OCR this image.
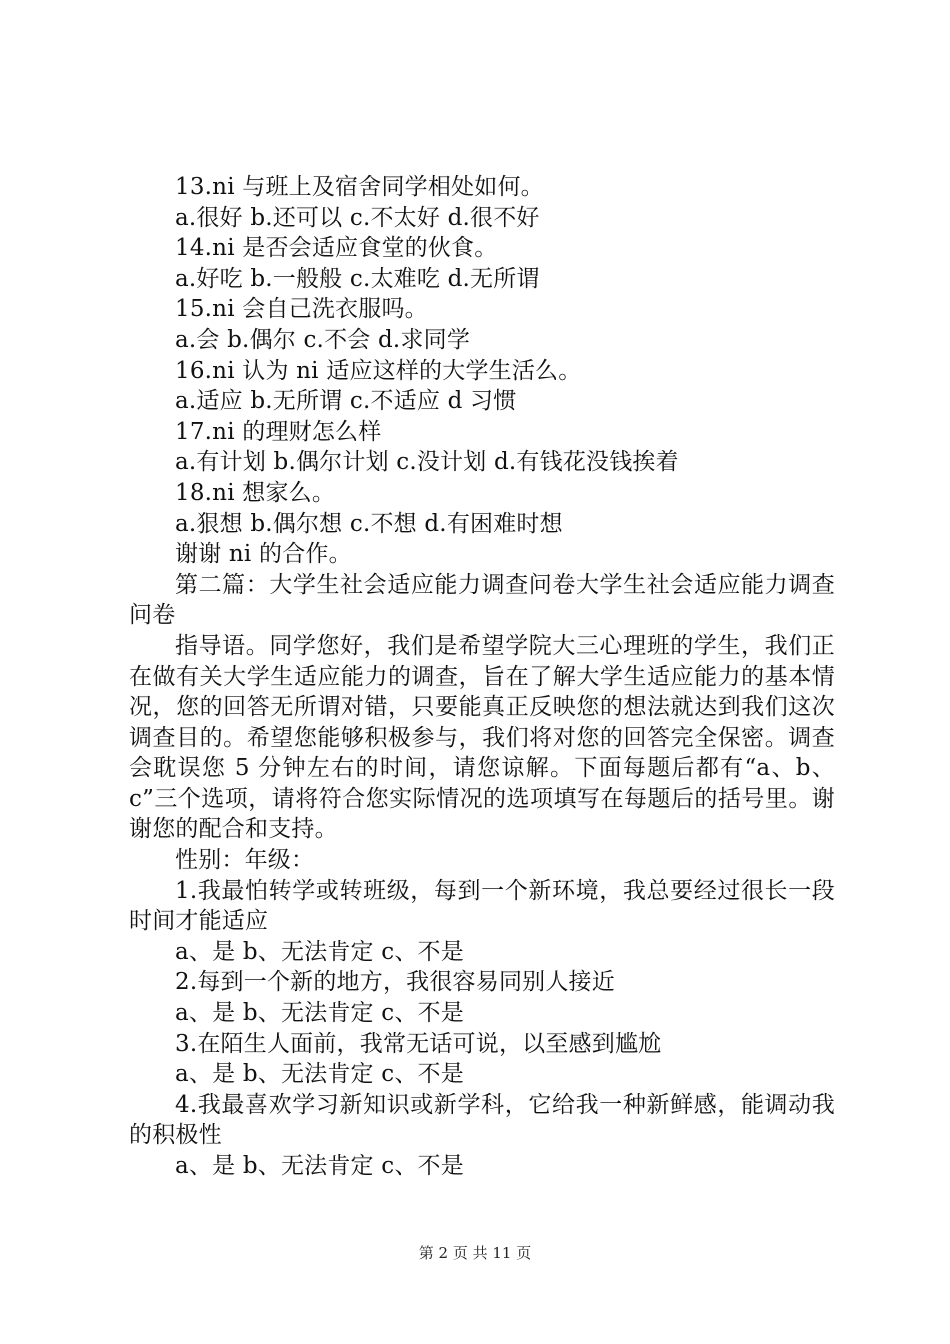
13.ni 与班上及宿舍同学相处如何。
a.很好 b.还可以 c.不太好 d.很不好
14.ni 是否会适应食堂的伙食。
a.好吃 b.一般般 c.太难吃 d.无所谓
15.ni 会自己洗衣服吗。
a.会 b.偶尔 c.不会 d.求同学
16.ni 认为 ni 适应这样的大学生活么。
a.适应 b.无所谓 c.不适应 d 习惯
17.ni 的理财怎么样
a.有计划 b.偶尔计划 c.没计划 d.有钱花没钱挨着
18.ni 想家么。
a.狠想 b.偶尔想 c.不想 d.有困难时想
谢谢 ni 的合作。
第二篇：大学生社会适应能力调查问卷大学生社会适应能力调查问卷
指导语。同学您好，我们是希望学院大三心理班的学生，我们正在做有关大学生适应能力的调查，旨在了解大学生适应能力的基本情况，您的回答无所谓对错，只要能真正反映您的想法就达到我们这次调查目的。希望您能够积极参与，我们将对您的回答完全保密。调查会耽误您 5 分钟左右的时间，请您谅解。下面每题后都有“a、b、c”三个选项，请将符合您实际情况的选项填写在每题后的括号里。谢谢您的配合和支持。
性别：年级：
1.我最怕转学或转班级，每到一个新环境，我总要经过很长一段时间才能适应
a、是 b、无法肯定 c、不是
2.每到一个新的地方，我很容易同别人接近
a、是 b、无法肯定 c、不是
3.在陌生人面前，我常无话可说，以至感到尴尬
a、是 b、无法肯定 c、不是
4.我最喜欢学习新知识或新学科，它给我一种新鲜感，能调动我的积极性
a、是 b、无法肯定 c、不是
第 2 页 共 11 页
